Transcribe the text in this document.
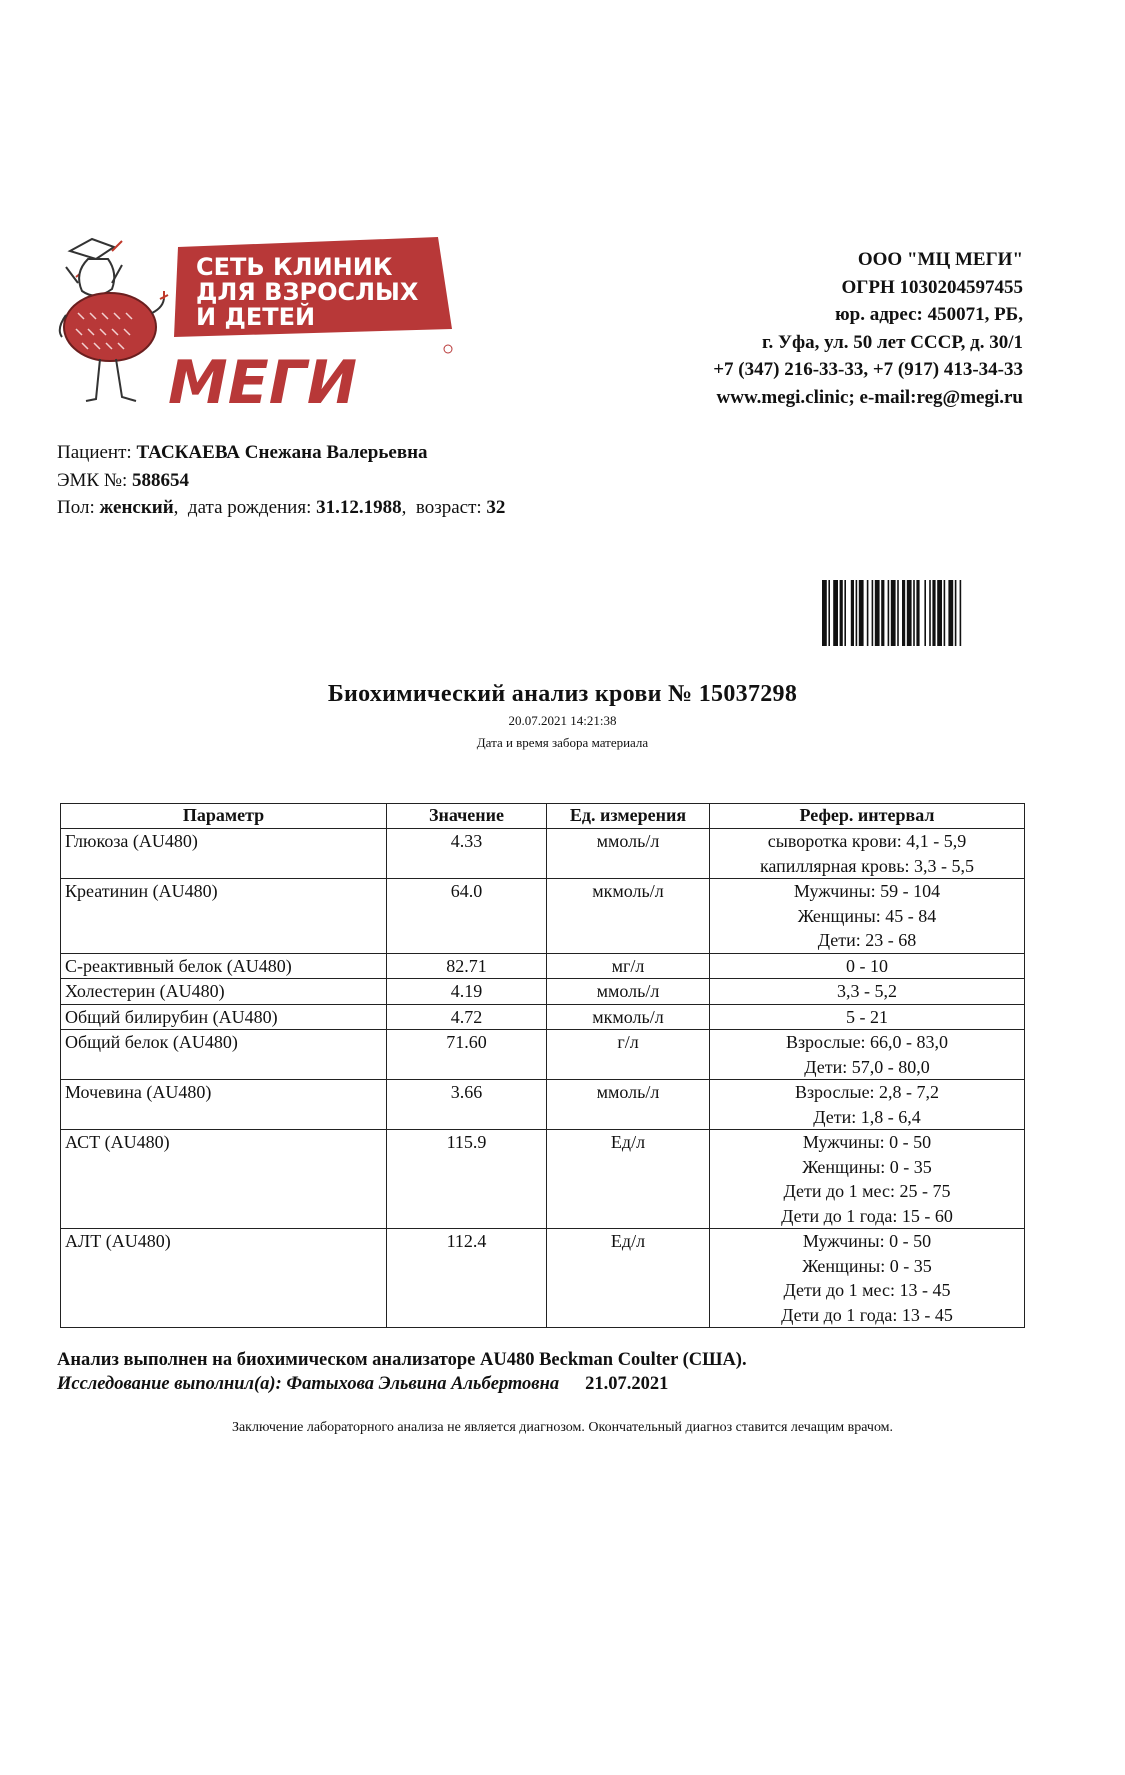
СЕТЬ КЛИНИК ДЛЯ ВЗРОСЛЫХ И ДЕТЕЙ
МЕГИ
ООО "МЦ МЕГИ"
ОГРН 1030204597455
юр. адрес: 450071, РБ,
г. Уфа, ул. 50 лет СССР, д. 30/1
+7 (347) 216-33-33, +7 (917) 413-34-33
www.megi.clinic; e-mail:reg@megi.ru
Пациент: ТАСКАЕВА Снежана Валерьевна
ЭМК №: 588654
Пол: женский,  дата рождения: 31.12.1988,  возраст: 32
Биохимический анализ крови № 15037298
20.07.2021 14:21:38
Дата и время забора материала
Параметр	Значение	Ед. измерения	Рефер. интервал
Глюкоза (AU480)	4.33	ммоль/л	сыворотка крови: 4,1 - 5,9
капиллярная кровь: 3,3 - 5,5

Креатинин (AU480)	64.0	мкмоль/л	Мужчины: 59 - 104
Женщины: 45 - 84
Дети: 23 - 68

С-реактивный белок (AU480)	82.71	мг/л	0 - 10

Холестерин (AU480)	4.19	ммоль/л	3,3 - 5,2

Общий билирубин (AU480)	4.72	мкмоль/л	5 - 21

Общий белок (AU480)	71.60	г/л	Взрослые: 66,0 - 83,0
Дети: 57,0 - 80,0

Мочевина (AU480)	3.66	ммоль/л	Взрослые: 2,8 - 7,2
Дети: 1,8 - 6,4

АСТ (AU480)	115.9	Ед/л	Мужчины: 0 - 50
Женщины: 0 - 35
Дети до 1 мес: 25 - 75
Дети до 1 года: 15 - 60

АЛТ (AU480)	112.4	Ед/л	Мужчины: 0 - 50
Женщины: 0 - 35
Дети до 1 мес: 13 - 45
Дети до 1 года: 13 - 45
Анализ выполнен на биохимическом анализаторе AU480 Beckman Coulter (США).
Исследование выполнил(а): Фатыхова Эльвина Альбертовна 21.07.2021
Заключение лабораторного анализа не является диагнозом. Окончательный диагноз ставится лечащим врачом.
